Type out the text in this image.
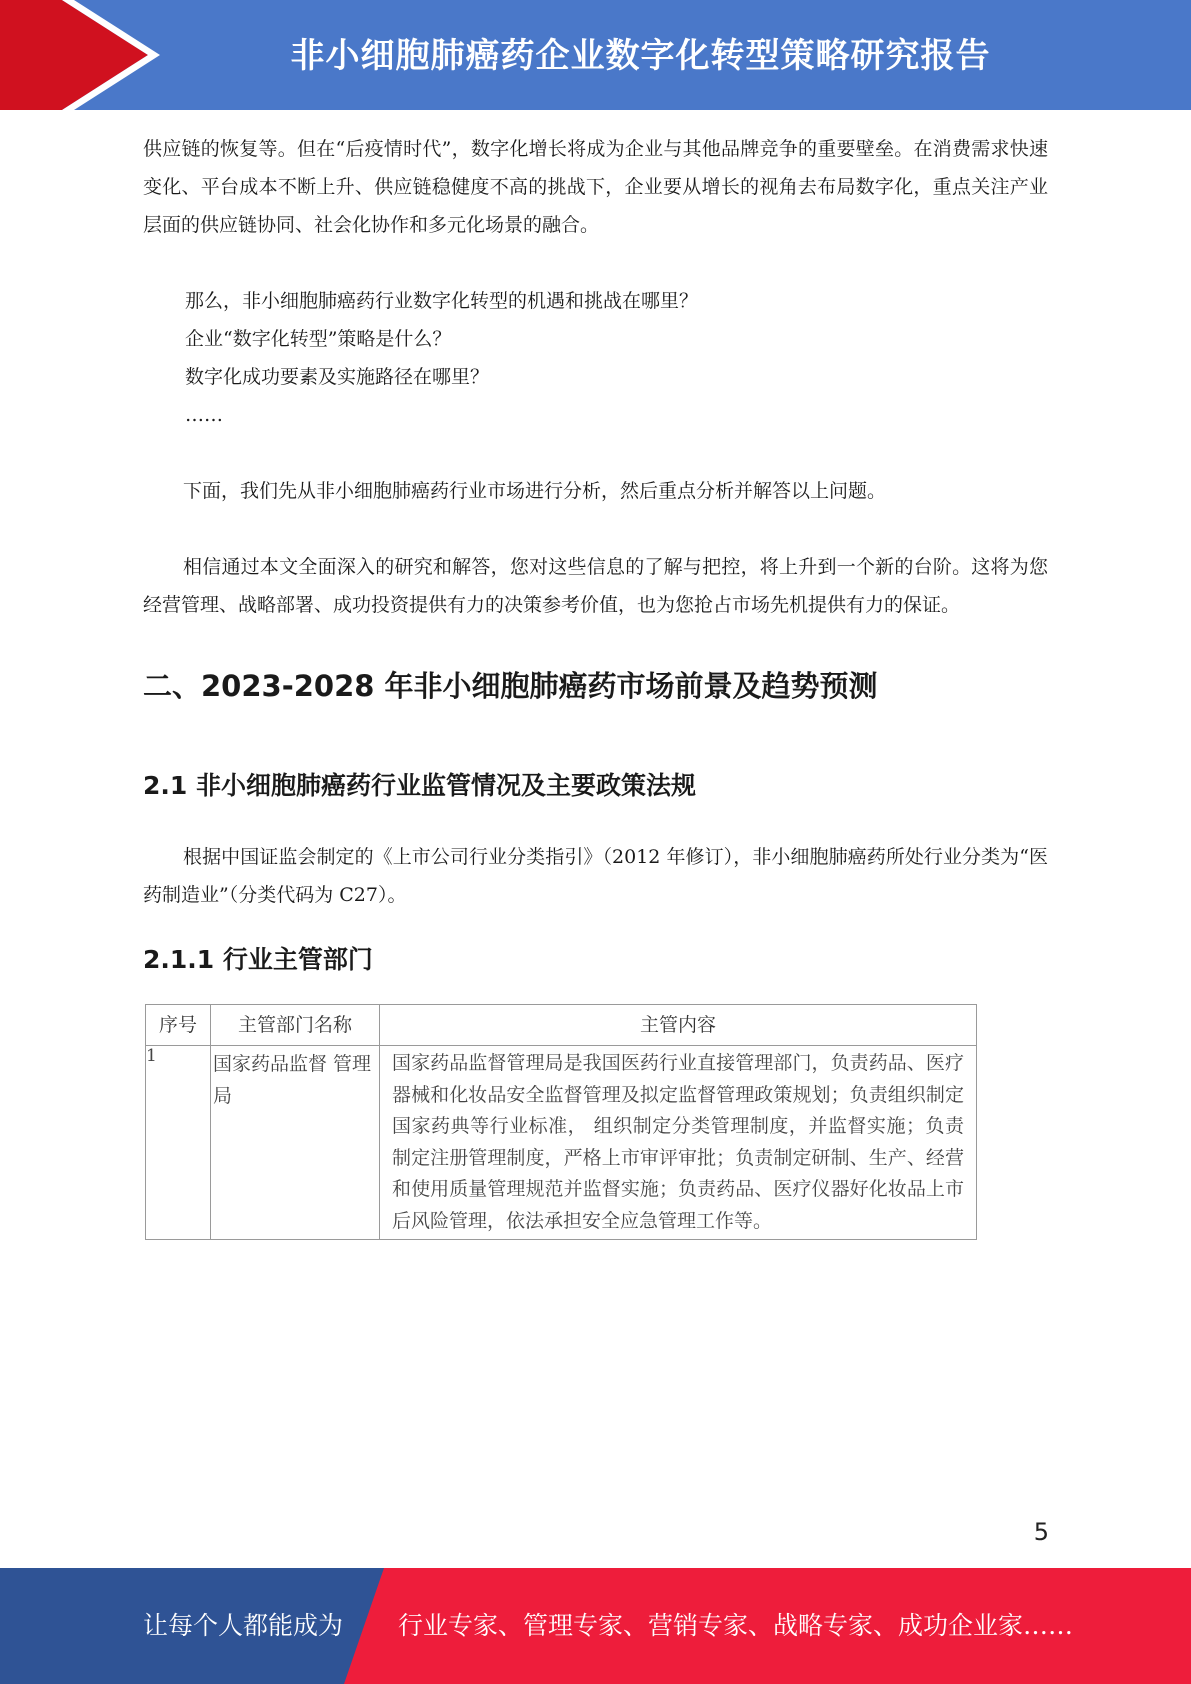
非小细胞肺癌药企业数字化转型策略研究报告

供应链的恢复等。但在“后疫情时代”，数字化增长将成为企业与其他品牌竞争的重要壁垒。在消费需求快速变化、平台成本不断上升、供应链稳健度不高的挑战下，企业要从增长的视角去布局数字化，重点关注产业层面的供应链协同、社会化协作和多元化场景的融合。

那么，非小细胞肺癌药行业数字化转型的机遇和挑战在哪里？

企业“数字化转型”策略是什么？

数字化成功要素及实施路径在哪里？

……

下面，我们先从非小细胞肺癌药行业市场进行分析，然后重点分析并解答以上问题。

相信通过本文全面深入的研究和解答，您对这些信息的了解与把控，将上升到一个新的台阶。这将为您经营管理、战略部署、成功投资提供有力的决策参考价值，也为您抢占市场先机提供有力的保证。

二、2023-2028 年非小细胞肺癌药市场前景及趋势预测
2.1 非小细胞肺癌药行业监管情况及主要政策法规

根据中国证监会制定的《上市公司行业分类指引》（2012 年修订），非小细胞肺癌药所处行业分类为“医药制造业”（分类代码为 C27）。

2.1.1 行业主管部门
序号	主管部门名称	主管内容
1	国家药品监督 管理局	国家药品监督管理局是我国医药行业直接管理部门，负责药品、医疗器械和化妆品安全监督管理及拟定监督管理政策规划；负责组织制定国家药典等行业标准， 组织制定分类管理制度，并监督实施；负责制定注册管理制度，严格上市审评审批；负责制定研制、生产、经营和使用质量管理规范并监督实施；负责药品、医疗仪器好化妆品上市后风险管理，依法承担安全应急管理工作等。
5
让每个人都能成为 行业专家、管理专家、营销专家、战略专家、成功企业家……
